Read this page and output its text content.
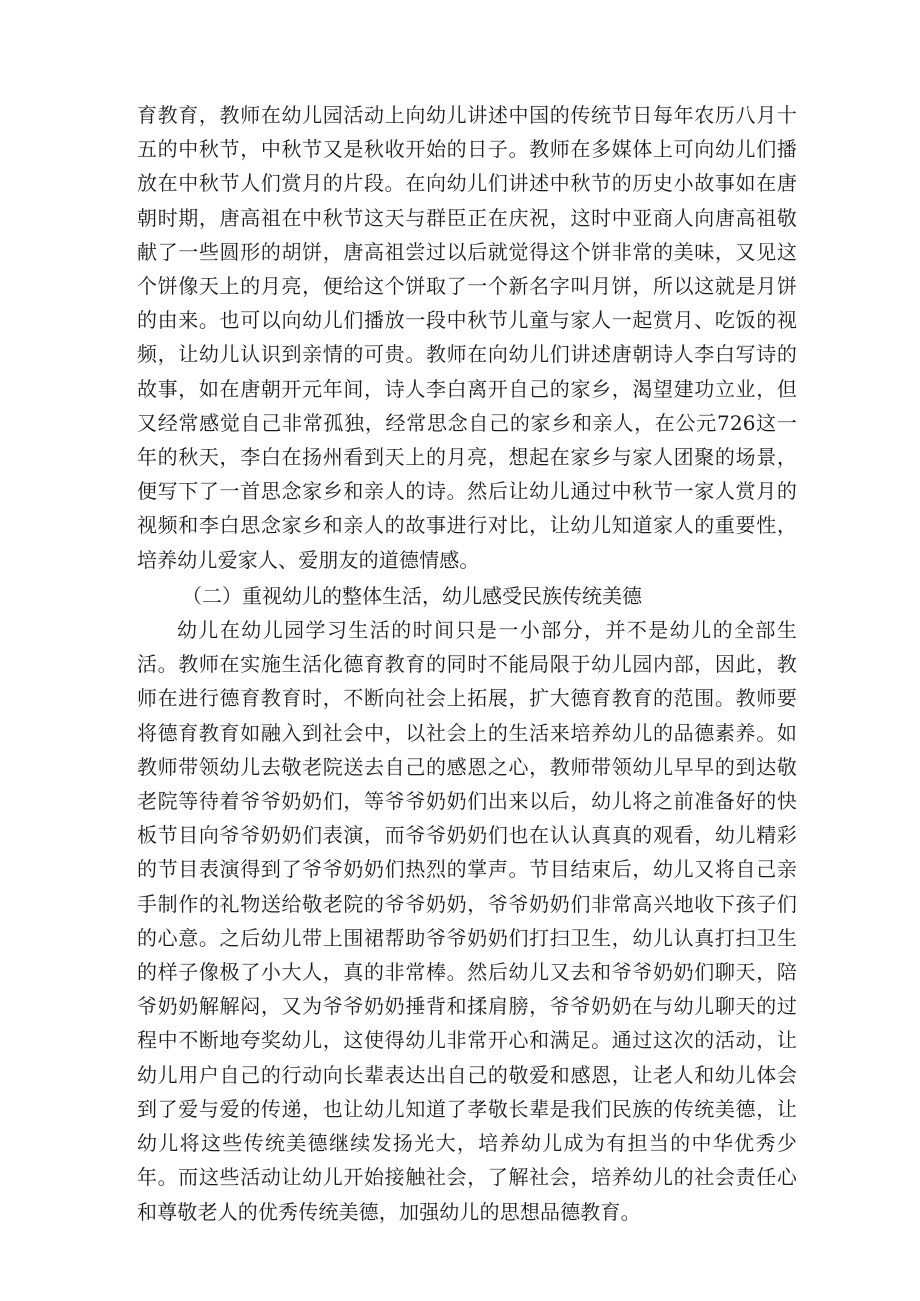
育教育，教师在幼儿园活动上向幼儿讲述中国的传统节日每年农历八月十五的中秋节，中秋节又是秋收开始的日子。教师在多媒体上可向幼儿们播放在中秋节人们赏月的片段。在向幼儿们讲述中秋节的历史小故事如在唐朝时期，唐高祖在中秋节这天与群臣正在庆祝，这时中亚商人向唐高祖敬献了一些圆形的胡饼，唐高祖尝过以后就觉得这个饼非常的美味，又见这个饼像天上的月亮，便给这个饼取了一个新名字叫月饼，所以这就是月饼的由来。也可以向幼儿们播放一段中秋节儿童与家人一起赏月、吃饭的视频，让幼儿认识到亲情的可贵。教师在向幼儿们讲述唐朝诗人李白写诗的故事，如在唐朝开元年间，诗人李白离开自己的家乡，渴望建功立业，但又经常感觉自己非常孤独，经常思念自己的家乡和亲人，在公元726这一年的秋天，李白在扬州看到天上的月亮，想起在家乡与家人团聚的场景，便写下了一首思念家乡和亲人的诗。然后让幼儿通过中秋节一家人赏月的视频和李白思念家乡和亲人的故事进行对比，让幼儿知道家人的重要性，培养幼儿爱家人、爱朋友的道德情感。

（二）重视幼儿的整体生活，幼儿感受民族传统美德

幼儿在幼儿园学习生活的时间只是一小部分，并不是幼儿的全部生活。教师在实施生活化德育教育的同时不能局限于幼儿园内部，因此，教师在进行德育教育时，不断向社会上拓展，扩大德育教育的范围。教师要将德育教育如融入到社会中，以社会上的生活来培养幼儿的品德素养。如教师带领幼儿去敬老院送去自己的感恩之心，教师带领幼儿早早的到达敬老院等待着爷爷奶奶们，等爷爷奶奶们出来以后，幼儿将之前准备好的快板节目向爷爷奶奶们表演，而爷爷奶奶们也在认认真真的观看，幼儿精彩的节目表演得到了爷爷奶奶们热烈的掌声。节目结束后，幼儿又将自己亲手制作的礼物送给敬老院的爷爷奶奶，爷爷奶奶们非常高兴地收下孩子们的心意。之后幼儿带上围裙帮助爷爷奶奶们打扫卫生，幼儿认真打扫卫生的样子像极了小大人，真的非常棒。然后幼儿又去和爷爷奶奶们聊天，陪爷奶奶解解闷，又为爷爷奶奶捶背和揉肩膀，爷爷奶奶在与幼儿聊天的过程中不断地夸奖幼儿，这使得幼儿非常开心和满足。通过这次的活动，让幼儿用户自己的行动向长辈表达出自己的敬爱和感恩，让老人和幼儿体会到了爱与爱的传递，也让幼儿知道了孝敬长辈是我们民族的传统美德，让幼儿将这些传统美德继续发扬光大，培养幼儿成为有担当的中华优秀少年。而这些活动让幼儿开始接触社会，了解社会，培养幼儿的社会责任心和尊敬老人的优秀传统美德，加强幼儿的思想品德教育。
